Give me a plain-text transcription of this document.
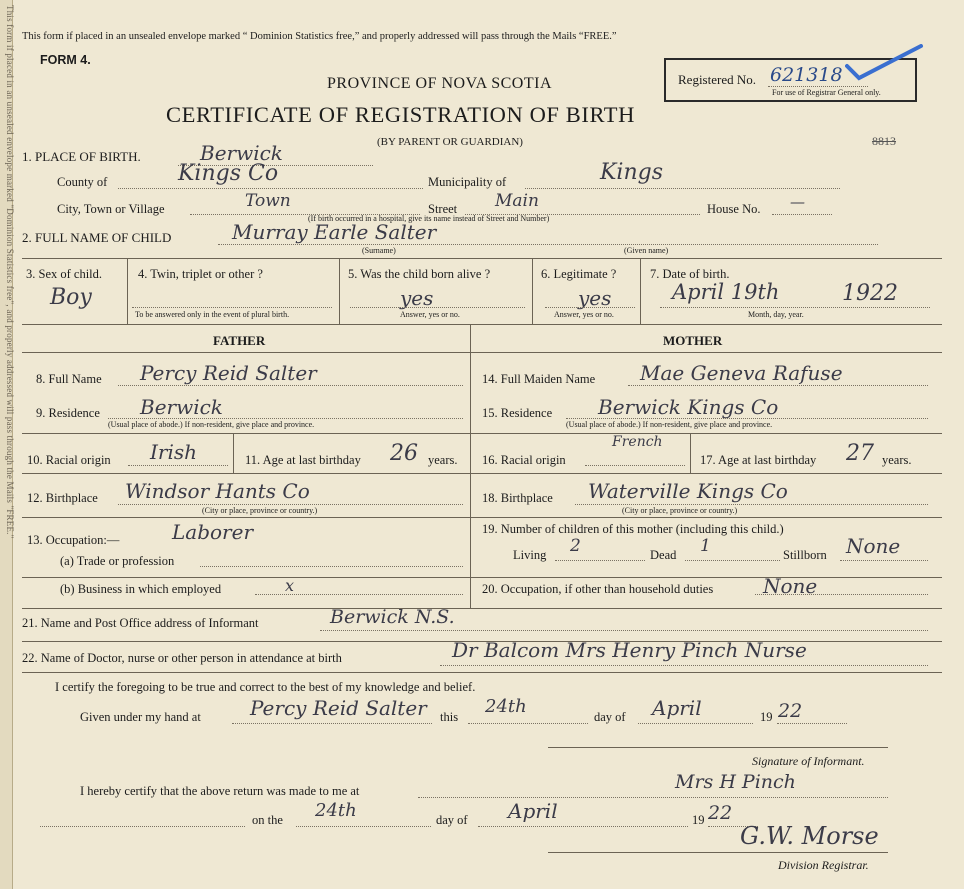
This form if placed in an unsealed envelope marked "Dominion Statistics free", and properly addressed will pass through the Mails "FREE." This form if placed in an unsealed envelope marked “ Dominion Statistics free,” and properly addressed will pass through the Mails “FREE.”
FORM 4.
PROVINCE OF NOVA SCOTIA
CERTIFICATE OF REGISTRATION OF BIRTH
(BY PARENT OR GUARDIAN)
Registered No. 621318
For use of Registrar General only.
8813
1. PLACE OF BIRTH.	Berwick
County of	Kings Co	Municipality of	Kings
City, Town or Village	Town	Street Main	House No. —
(If birth occurred in a hospital, give its name instead of Street and Number)
2. FULL NAME OF CHILD	Murray Earle Salter
(Surname)	(Given name)
3. Sex of child.
Boy
4. Twin, triplet or other ?
To be answered only in the event of plural birth.
5. Was the child born alive ?
yes
Answer, yes or no.
6. Legitimate ?
yes
Answer, yes or no.
7. Date of birth.
April 19th	1922
Month, day, year.
FATHER	MOTHER
8. Full Name Percy Reid Salter
9. Residence Berwick
(Usual place of abode.) If non-resident, give place and province.
10. Racial origin Irish	11. Age at last birthday 26 years.
12. Birthplace Windsor Hants Co
(City or place, province or country.)
13. Occupation:—	Laborer
(a) Trade or profession
(b) Business in which employed	x
14. Full Maiden Name Mae Geneva Rafuse
15. Residence Berwick Kings Co
(Usual place of abode.) If non-resident, give place and province.
16. Racial origin
French
17. Age at last birthday 27 years.
18. Birthplace Waterville Kings Co
(City or place, province or country.)
19. Number of children of this mother (including this child.)
Living 2	Dead 1	Stillborn None
20. Occupation, if other than household duties None
21. Name and Post Office address of Informant	Berwick N.S.
22. Name of Doctor, nurse or other person in attendance at birth	Dr Balcom Mrs Henry Pinch Nurse
I certify the foregoing to be true and correct to the best of my knowledge and belief.
Given under my hand at Percy Reid Salter this 24th	day of April	19 22
Signature of Informant.
I hereby certify that the above return was made to me at	Mrs H Pinch
on the 24th	day of April	19 22
G.W. Morse
Division Registrar.
